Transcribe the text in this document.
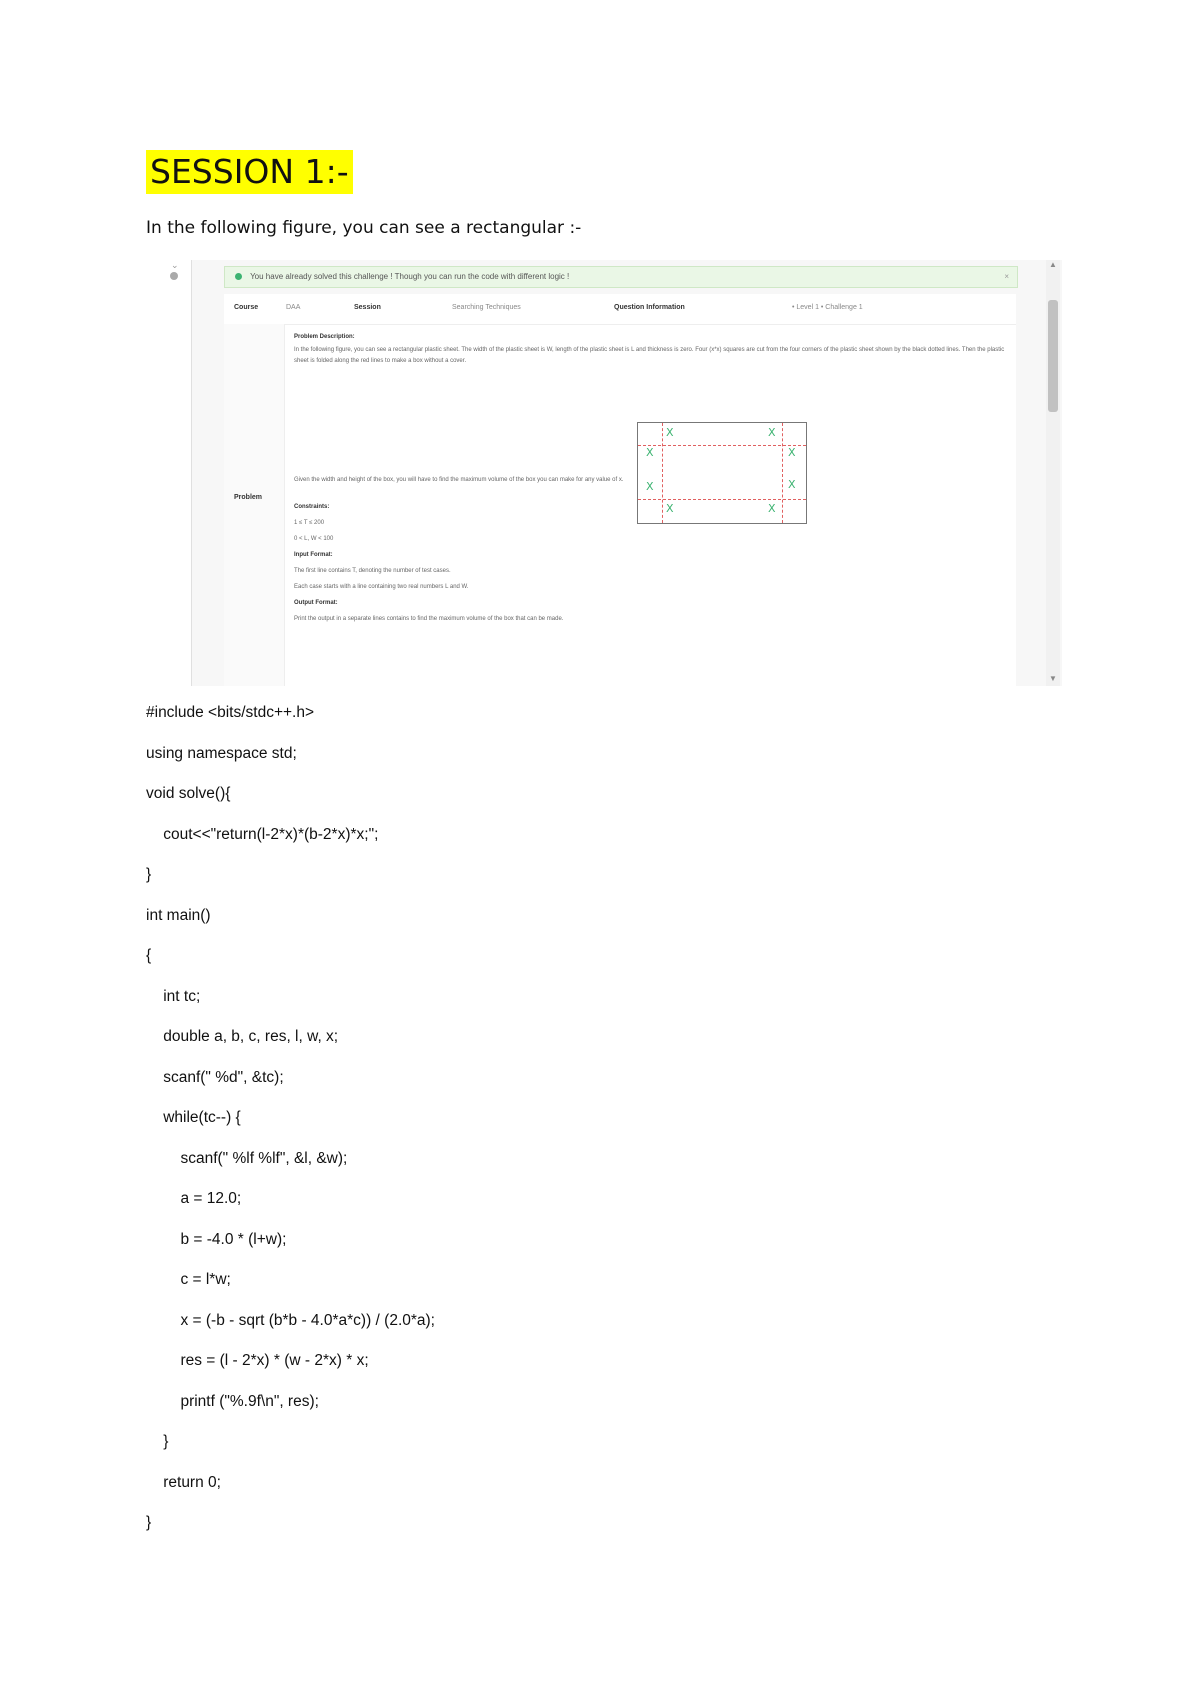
SESSION 1:-
In the following figure, you can see a rectangular :-
⌄
You have already solved this challenge ! Though you can run the code with different logic !	×
Course	DAA	Session	Searching Techniques	Question Information	• Level 1 • Challenge 1
Problem
Problem Description:
In the following figure, you can see a rectangular plastic sheet. The width of the plastic sheet is W, length of the plastic sheet is L and thickness is zero. Four (x*x) squares are cut from the four corners of the plastic sheet shown by the black dotted lines. Then the plastic sheet is folded along the red lines to make a box without a cover.
Given the width and height of the box, you will have to find the maximum volume of the box you can make for any value of x.
Constraints:
1 ≤ T ≤ 200
0 < L, W < 100
Input Format:
The first line contains T, denoting the number of test cases.
Each case starts with a line containing two real numbers L and W.
Output Format:
Print the output in a separate lines contains to find the maximum volume of the box that can be made.
X	X
X	X
X	X
X	X
▲
▼
#include <bits/stdc++.h>
using namespace std;
void solve(){
cout<<"return(l-2*x)*(b-2*x)*x;";
}
int main()
{
int tc;
double a, b, c, res, l, w, x;
scanf(" %d", &tc);
while(tc--) {
scanf(" %lf %lf", &l, &w);
a = 12.0;
b = -4.0 * (l+w);
c = l*w;
x = (-b - sqrt (b*b - 4.0*a*c)) / (2.0*a);
res = (l - 2*x) * (w - 2*x) * x;
printf ("%.9f\n", res);
}
return 0;
}
